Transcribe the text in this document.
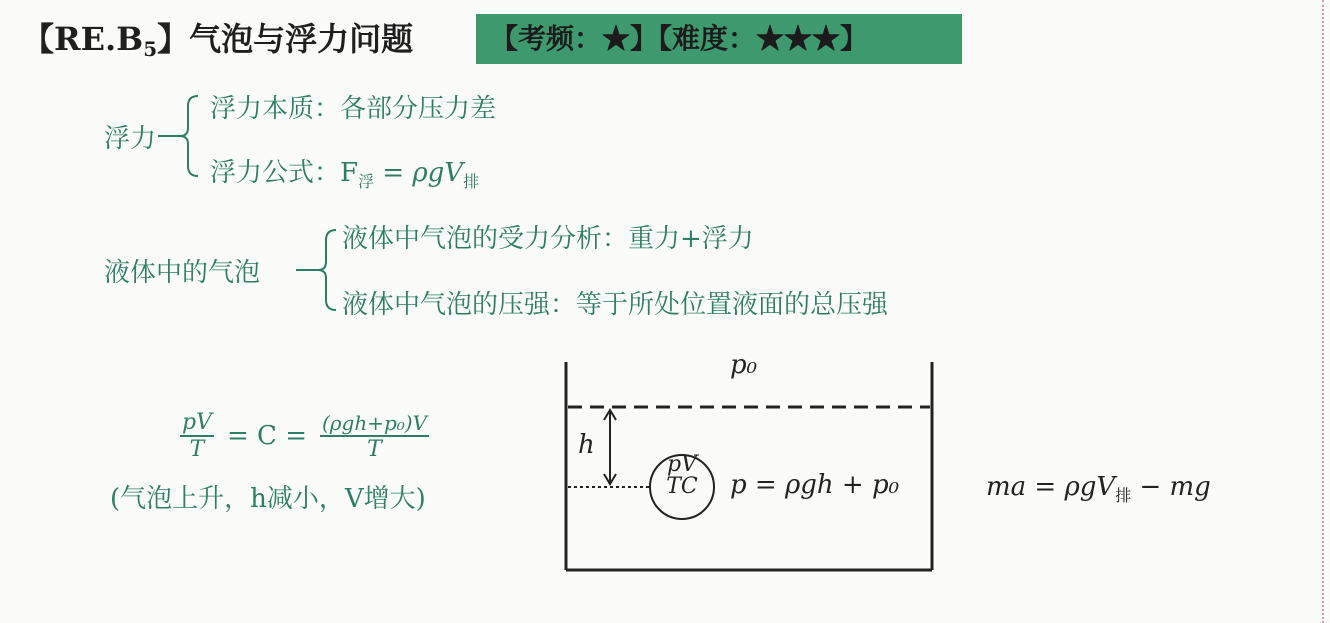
【$RE.B_5$】气泡与浮力问题	【考频：★】【难度：★★★】
浮力
浮力本质：各部分压力差
浮力公式：$F_浮 = \rho gV_排$
液体中的气泡
液体中气泡的受力分析：重力+浮力
液体中气泡的压强：等于所处位置液面的总压强
$\frac{pV}{T} = C = (\rho gh+p_0)V$
T
(气泡上升，h减小，V增大)
p₀
h
pV
TC p = ρgh + p₀	ma = ρgV$_排$ − mg
